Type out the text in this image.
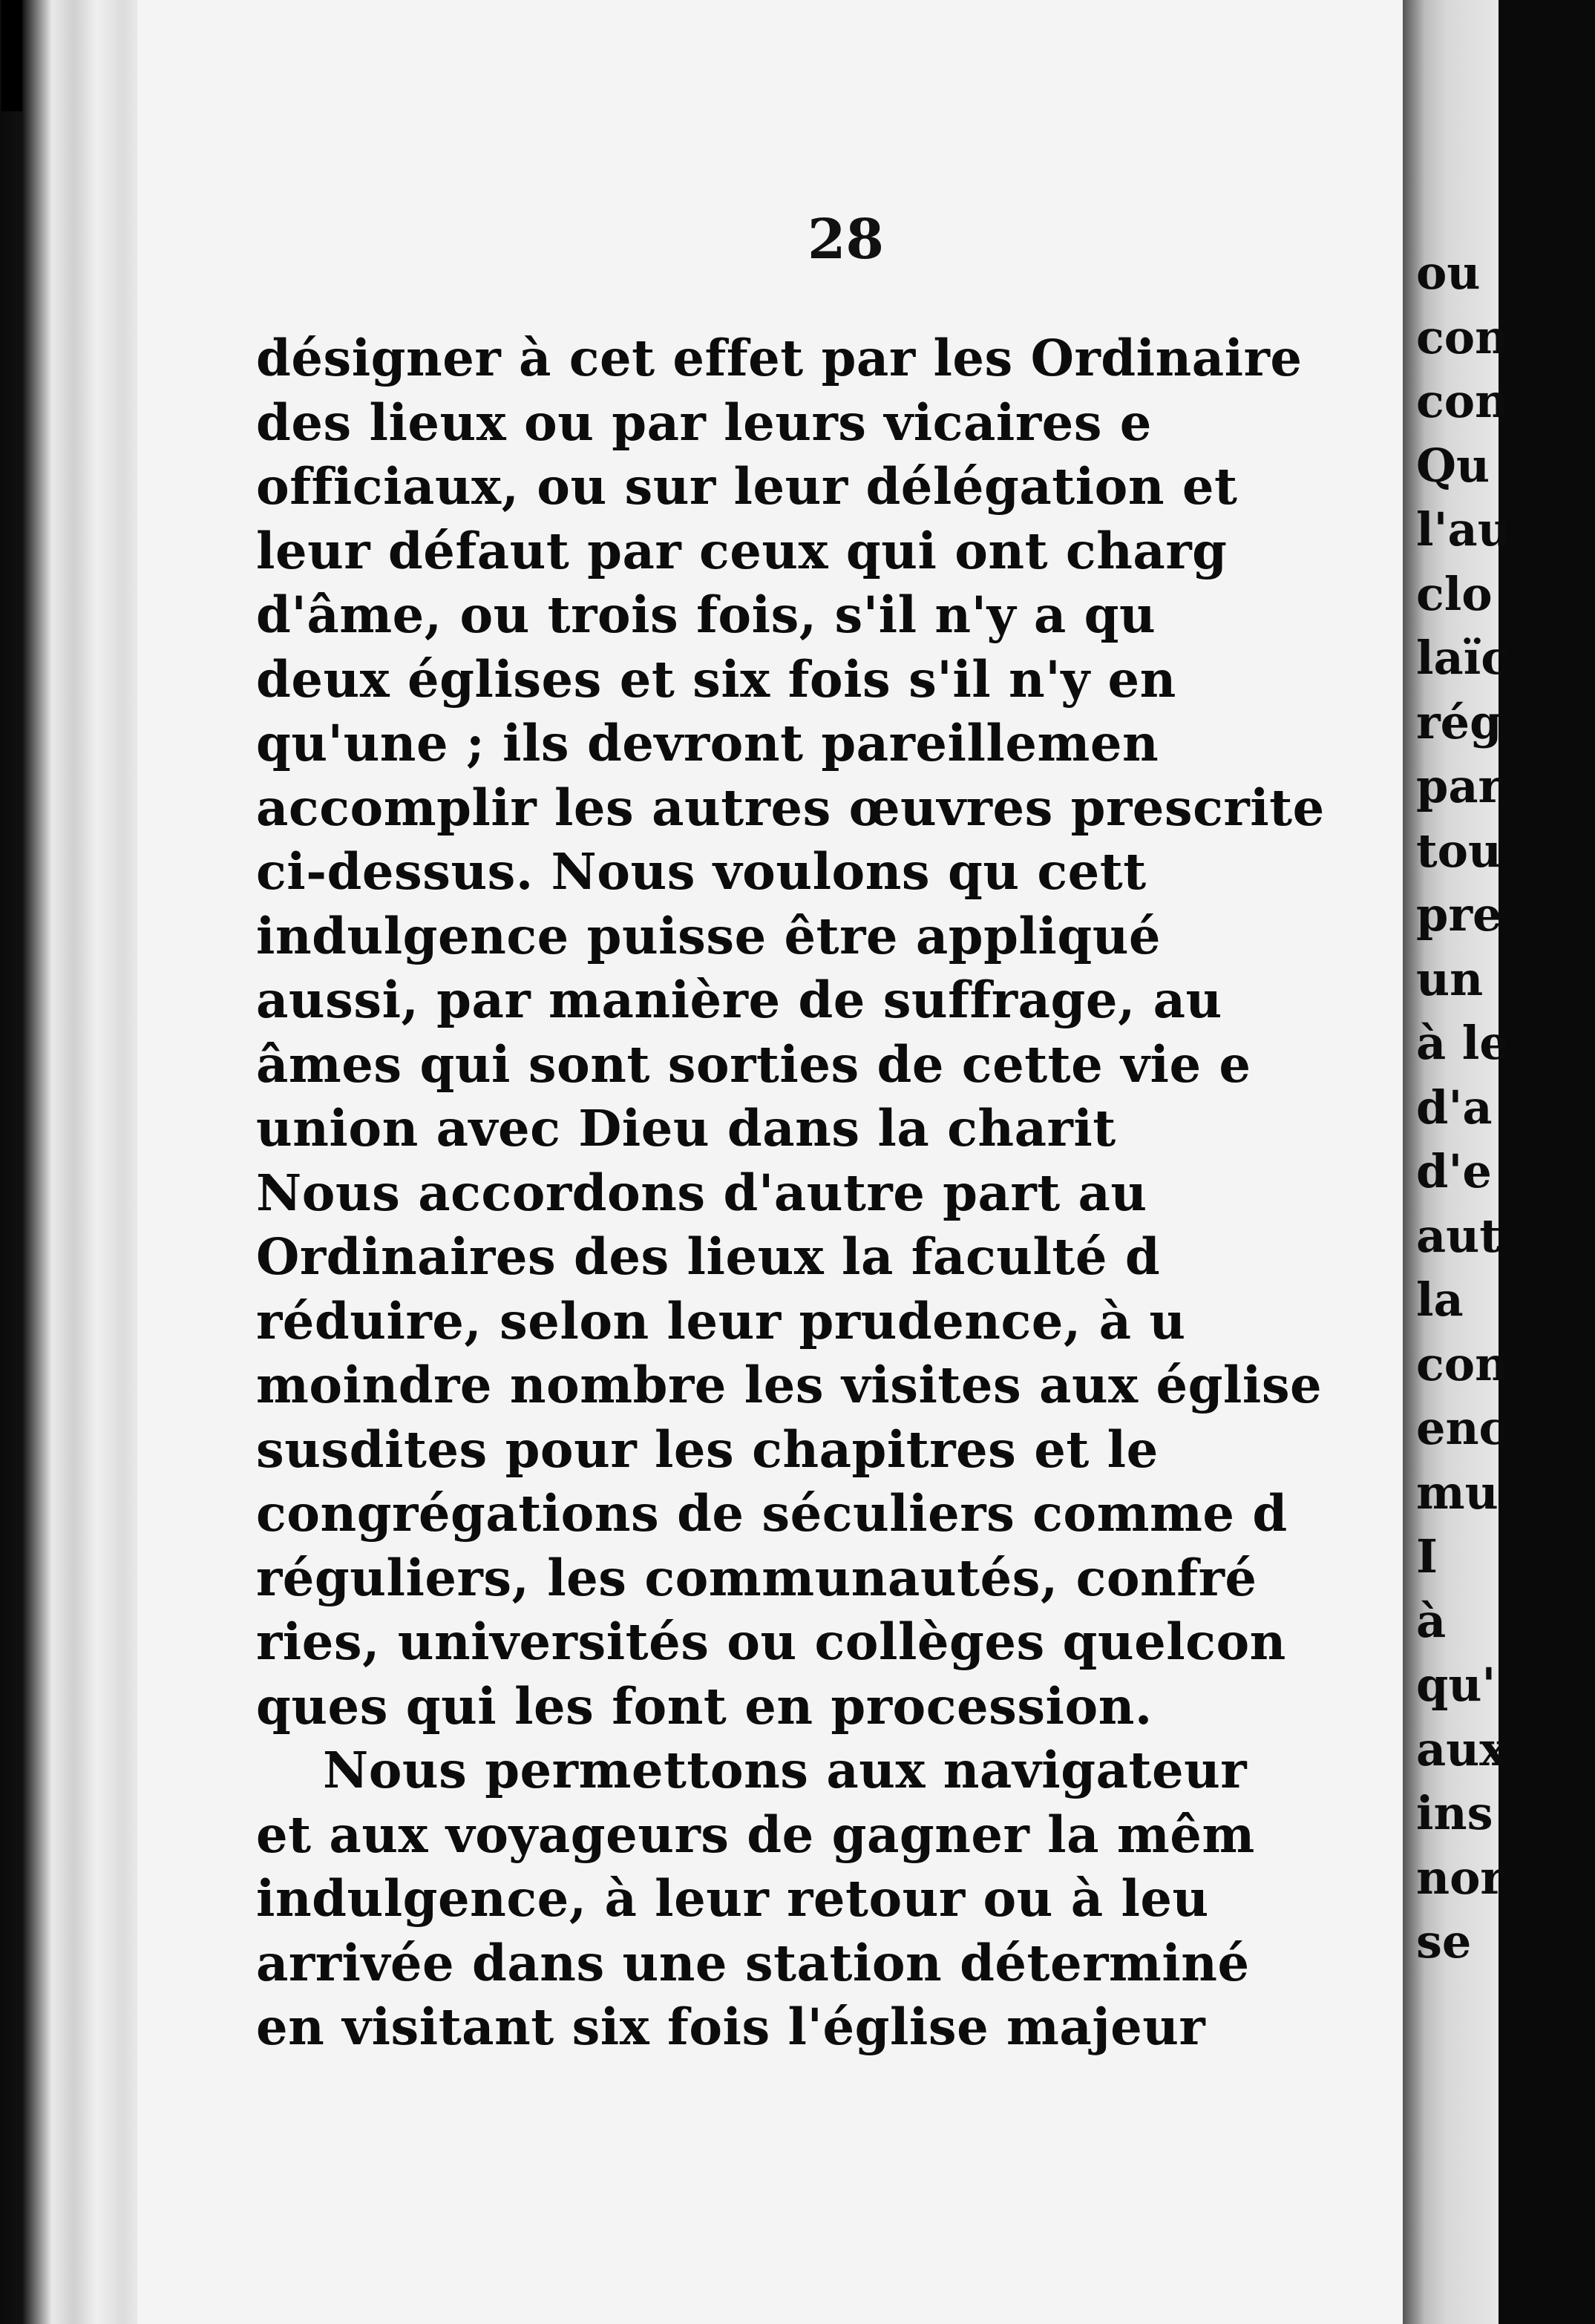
28
désigner à cet effet par les Ordinaire
des lieux ou par leurs vicaires e
officiaux, ou sur leur délégation et
leur défaut par ceux qui ont charg
d'âme, ou trois fois, s'il n'y a qu
deux églises et six fois s'il n'y en
qu'une ; ils devront pareillemen
accomplir les autres œuvres prescrite
ci-dessus. Nous voulons qu cett
indulgence puisse être appliqué
aussi, par manière de suffrage, au
âmes qui sont sorties de cette vie e
union avec Dieu dans la charit
Nous accordons d'autre part au
Ordinaires des lieux la faculté d
réduire, selon leur prudence, à u
moindre nombre les visites aux église
susdites pour les chapitres et le
congrégations de séculiers comme d
réguliers, les communautés, confré
ries, universités ou collèges quelcon
ques qui les font en procession.
Nous permettons aux navigateur
et aux voyageurs de gagner la mêm
indulgence, à leur retour ou à leu
arrivée dans une station déterminé
en visitant six fois l'église majeur
ou
con
con
Qu
l'au
clo
laïc
rég
par
tou
pre
un
à le
d'a
d'e
aut
la
con
enc
mu
I
à
qu'
aux
ins
nor
se
